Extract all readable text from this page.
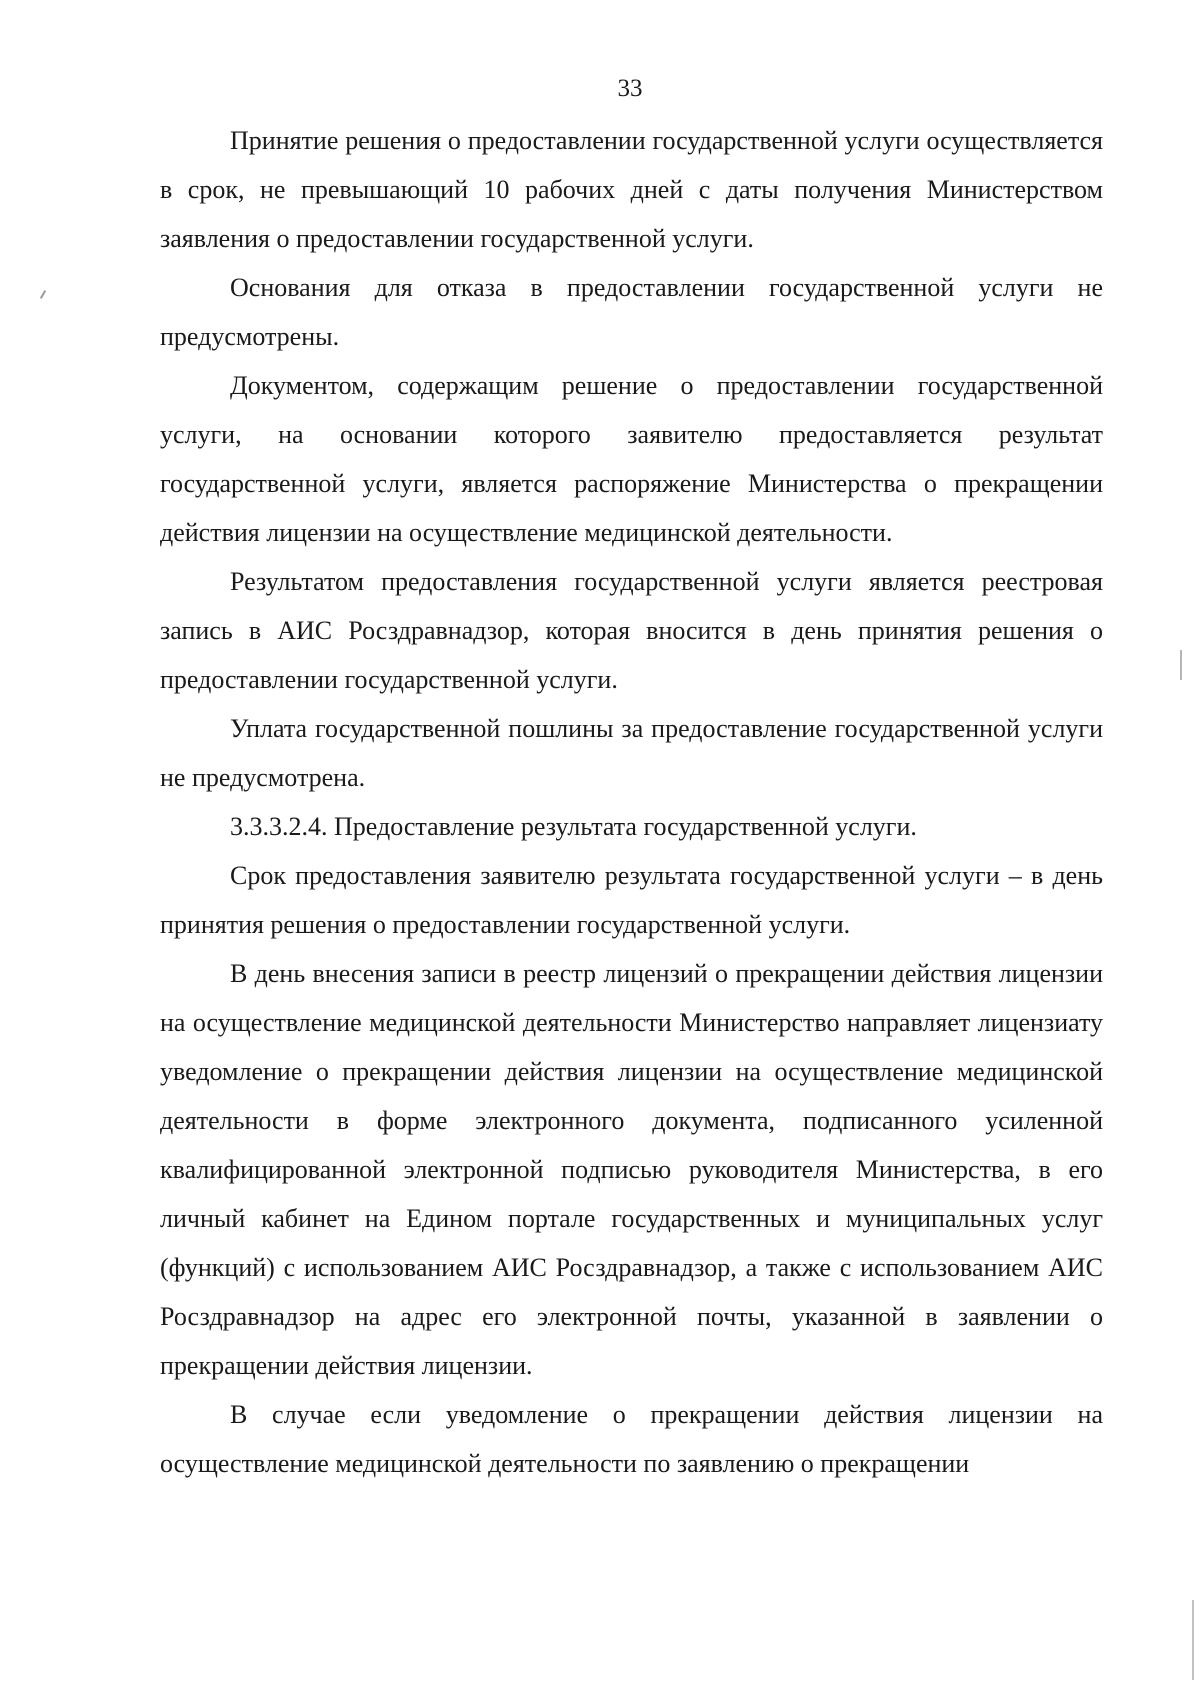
33

Принятие решения о предоставлении государственной услуги осуществляется в срок, не превышающий 10 рабочих дней с даты получения Министерством заявления о предоставлении государственной услуги.

Основания для отказа в предоставлении государственной услуги не предусмотрены.

Документом, содержащим решение о предоставлении государственной услуги, на основании которого заявителю предоставляется результат государственной услуги, является распоряжение Министерства о прекращении действия лицензии на осуществление медицинской деятельности.

Результатом предоставления государственной услуги является реестровая запись в АИС Росздравнадзор, которая вносится в день принятия решения о предоставлении государственной услуги.

Уплата государственной пошлины за предоставление государственной услуги не предусмотрена.

3.3.3.2.4. Предоставление результата государственной услуги.

Срок предоставления заявителю результата государственной услуги – в день принятия решения о предоставлении государственной услуги.

В день внесения записи в реестр лицензий о прекращении действия лицензии на осуществление медицинской деятельности Министерство направляет лицензиату уведомление о прекращении действия лицензии на осуществление медицинской деятельности в форме электронного документа, подписанного усиленной квалифицированной электронной подписью руководителя Министерства, в его личный кабинет на Едином портале государственных и муниципальных услуг (функций) с использованием АИС Росздравнадзор, а также с использованием АИС Росздравнадзор на адрес его электронной почты, указанной в заявлении о прекращении действия лицензии.

В случае если уведомление о прекращении действия лицензии на осуществление медицинской деятельности по заявлению о прекращении
